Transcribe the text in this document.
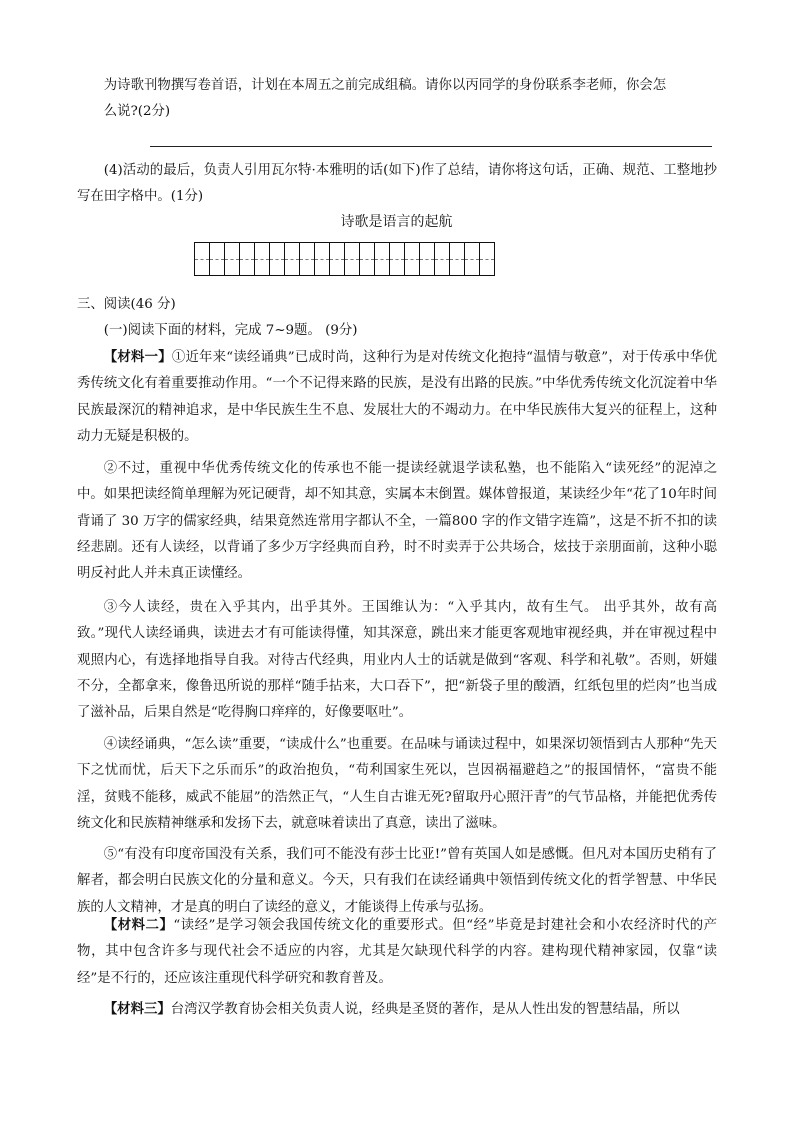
为诗歌刊物撰写卷首语，计划在本周五之前完成组稿。请你以丙同学的身份联系李老师，你会怎
么说?(2分)
(4)活动的最后，负责人引用瓦尔特·本雅明的话(如下)作了总结，请你将这句话，正确、规范、工整地抄写在田字格中。(1分)
诗歌是语言的起航
三、阅读(46 分)
(一)阅读下面的材料，完成 7~9题。 (9分)
【材料一】①近年来“读经诵典”已成时尚，这种行为是对传统文化抱持“温情与敬意”，对于传承中华优秀传统文化有着重要推动作用。“一个不记得来路的民族，是没有出路的民族。”中华优秀传统文化沉淀着中华民族最深沉的精神追求，是中华民族生生不息、发展壮大的不竭动力。在中华民族伟大复兴的征程上，这种动力无疑是积极的。
②不过，重视中华优秀传统文化的传承也不能一提读经就退学读私塾，也不能陷入“读死经”的泥淖之中。如果把读经简单理解为死记硬背，却不知其意，实属本末倒置。媒体曾报道，某读经少年“花了10年时间背诵了 30 万字的儒家经典，结果竟然连常用字都认不全，一篇800 字的作文错字连篇”，这是不折不扣的读经悲剧。还有人读经，以背诵了多少万字经典而自矜，时不时卖弄于公共场合，炫技于亲朋面前，这种小聪明反衬此人并未真正读懂经。
③今人读经，贵在入乎其内，出乎其外。王国维认为：“入乎其内，故有生气。 出乎其外，故有高致。”现代人读经诵典，读进去才有可能读得懂，知其深意，跳出来才能更客观地审视经典，并在审视过程中观照内心，有选择地指导自我。对待古代经典，用业内人士的话就是做到“客观、科学和礼敬”。否则，妍媸不分，全都拿来，像鲁迅所说的那样“随手拈来，大口吞下”，把“新袋子里的酸酒，红纸包里的烂肉”也当成了滋补品，后果自然是“吃得胸口痒痒的，好像要呕吐”。
④读经诵典，“怎么读”重要，“读成什么”也重要。在品味与诵读过程中，如果深切领悟到古人那种“先天下之忧而忧，后天下之乐而乐”的政治抱负，“苟利国家生死以，岂因祸福避趋之”的报国情怀，“富贵不能淫，贫贱不能移，威武不能屈”的浩然正气，“人生自古谁无死?留取丹心照汗青”的气节品格，并能把优秀传统文化和民族精神继承和发扬下去，就意味着读出了真意，读出了滋味。
⑤“有没有印度帝国没有关系，我们可不能没有莎士比亚!”曾有英国人如是感慨。但凡对本国历史稍有了解者，都会明白民族文化的分量和意义。今天，只有我们在读经诵典中领悟到传统文化的哲学智慧、中华民族的人文精神，才是真的明白了读经的意义，才能谈得上传承与弘扬。
【材料二】“读经”是学习领会我国传统文化的重要形式。但“经”毕竟是封建社会和小农经济时代的产物，其中包含许多与现代社会不适应的内容，尤其是欠缺现代科学的内容。建构现代精神家园，仅靠“读经”是不行的，还应该注重现代科学研究和教育普及。
【材料三】台湾汉学教育协会相关负责人说，经典是圣贤的著作，是从人性出发的智慧结晶，所以
